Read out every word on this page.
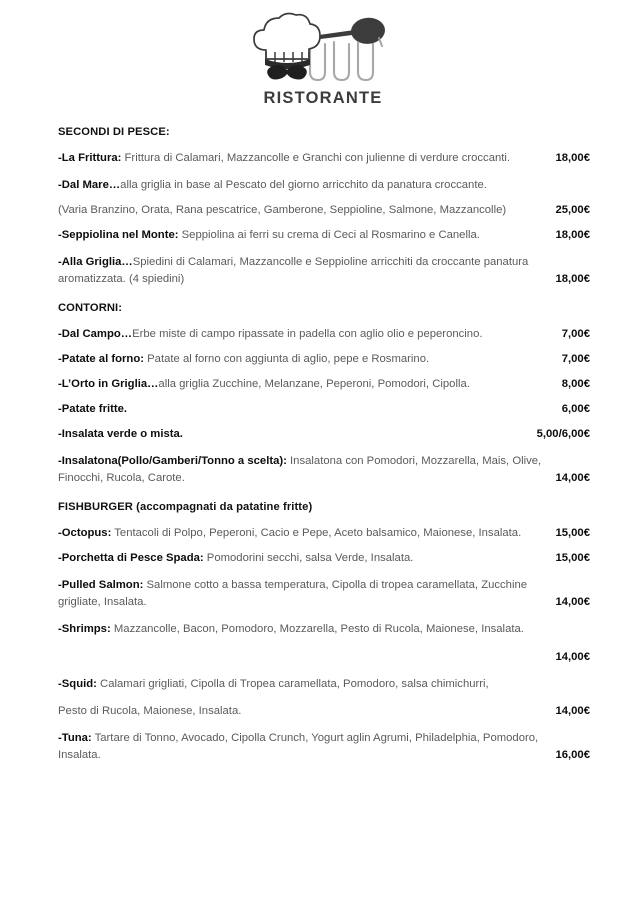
RISTORANTE
SECONDI DI PESCE:
-La Frittura: Frittura di Calamari, Mazzancolle e Granchi con julienne di verdure croccanti.	18,00€
-Dal Mare…alla griglia in base al Pescato del giorno arricchito da panatura croccante.
(Varia Branzino, Orata, Rana pescatrice, Gamberone, Seppioline, Salmone, Mazzancolle)	25,00€
-Seppiolina nel Monte: Seppiolina ai ferri su crema di Ceci al Rosmarino e Canella.	18,00€
-Alla Griglia…Spiedini di Calamari, Mazzancolle e Seppioline arricchiti da croccante panatura
aromatizzata. (4 spiedini)	18,00€
CONTORNI:
-Dal Campo…Erbe miste di campo ripassate in padella con aglio olio e peperoncino.	7,00€
-Patate al forno: Patate al forno con aggiunta di aglio, pepe e Rosmarino.	7,00€
-L’Orto in Griglia…alla griglia Zucchine, Melanzane, Peperoni, Pomodori, Cipolla.	8,00€
-Patate fritte.	6,00€
-Insalata verde o mista.	5,00/6,00€
-Insalatona(Pollo/Gamberi/Tonno a scelta): Insalatona con Pomodori, Mozzarella, Mais, Olive,
Finocchi, Rucola, Carote.	14,00€
FISHBURGER (accompagnati da patatine fritte)
-Octopus: Tentacoli di Polpo, Peperoni, Cacio e Pepe, Aceto balsamico, Maionese, Insalata.	15,00€
-Porchetta di Pesce Spada: Pomodorini secchi, salsa Verde, Insalata.	15,00€
-Pulled Salmon: Salmone cotto a bassa temperatura, Cipolla di tropea caramellata, Zucchine
grigliate, Insalata.	14,00€
-Shrimps: Mazzancolle, Bacon, Pomodoro, Mozzarella, Pesto di Rucola, Maionese, Insalata.
14,00€
-Squid: Calamari grigliati, Cipolla di Tropea caramellata, Pomodoro, salsa chimichurri,
Pesto di Rucola, Maionese, Insalata.	14,00€
-Tuna: Tartare di Tonno, Avocado, Cipolla Crunch, Yogurt aglin Agrumi, Philadelphia, Pomodoro,
Insalata.	16,00€
